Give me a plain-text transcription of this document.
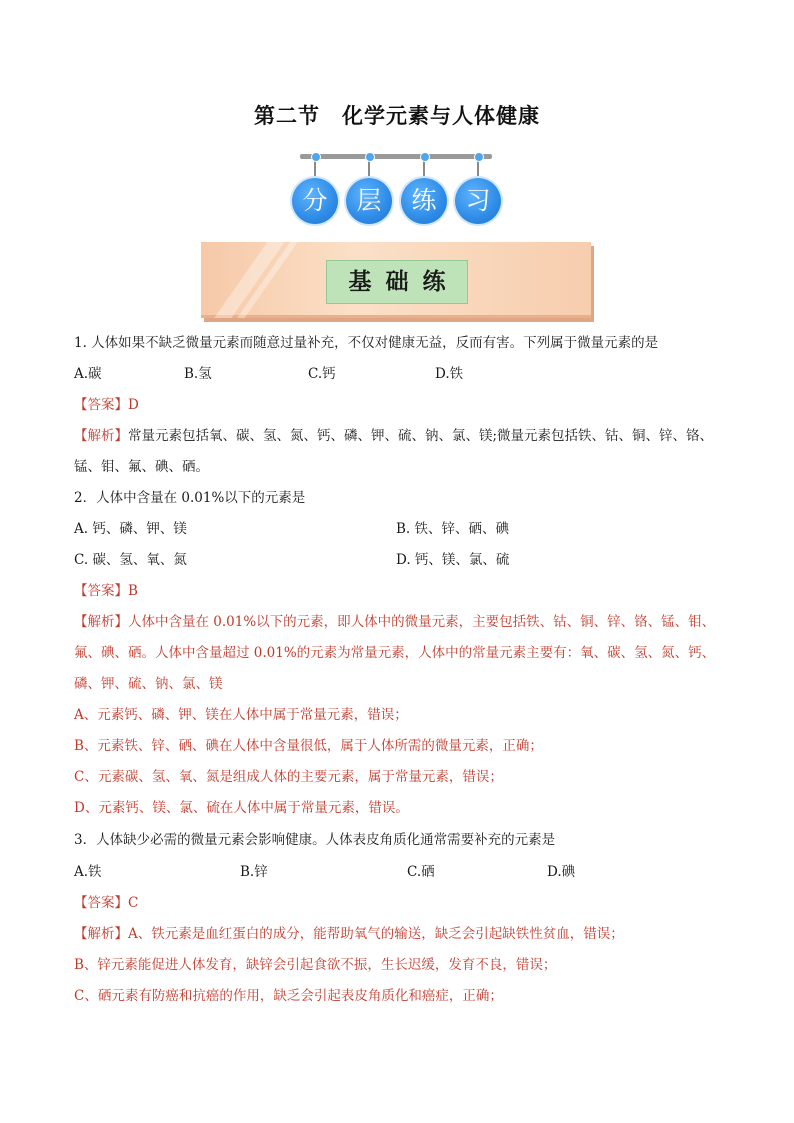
第二节　化学元素与人体健康
分	层	练	习
基础练
1. 人体如果不缺乏微量元素而随意过量补充，不仅对健康无益，反而有害。下列属于微量元素的是
A.碳	B.氢	C.钙	D.铁
【答案】D
【解析】常量元素包括氧、碳、氢、氮、钙、磷、钾、硫、钠、氯、镁;微量元素包括铁、钴、铜、锌、铬、
锰、钼、氟、碘、硒。
2．人体中含量在 0.01%以下的元素是
A. 钙、磷、钾、镁	B. 铁、锌、硒、碘
C. 碳、氢、氧、氮	D. 钙、镁、氯、硫
【答案】B
【解析】人体中含量在 0.01%以下的元素，即人体中的微量元素，主要包括铁、钴、铜、锌、铬、锰、钼、
氟、碘、硒。人体中含量超过 0.01%的元素为常量元素，人体中的常量元素主要有：氧、碳、氢、氮、钙、
磷、钾、硫、钠、氯、镁
A、元素钙、磷、钾、镁在人体中属于常量元素，错误；
B、元素铁、锌、硒、碘在人体中含量很低，属于人体所需的微量元素，正确；
C、元素碳、氢、氧、氮是组成人体的主要元素，属于常量元素，错误；
D、元素钙、镁、氯、硫在人体中属于常量元素，错误。
3．人体缺少必需的微量元素会影响健康。人体表皮角质化通常需要补充的元素是
A.铁	B.锌	C.硒	D.碘
【答案】C
【解析】A、铁元素是血红蛋白的成分，能帮助氧气的输送，缺乏会引起缺铁性贫血，错误；
B、锌元素能促进人体发育，缺锌会引起食欲不振，生长迟缓，发育不良，错误；
C、硒元素有防癌和抗癌的作用，缺乏会引起表皮角质化和癌症，正确；
